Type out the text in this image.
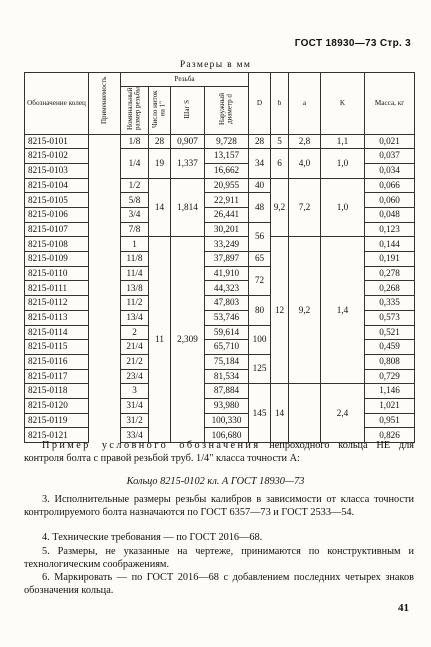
ГОСТ 18930—73 Стр. 3
Размеры в мм
Обозначение колец	Применяемость	Резьба				D	b	a	K	Масса, кг
		Номинальный размер резьбы	Число ниток на 1"	Шаг S	Наружный диаметр d					
8215-0101		1/8	28	0,907	9,728	28	5	2,8	1,1	0,021
8215-0102		1/4	19	1,337	13,157	34	6	4,0	1,0	0,037
8215-0103					16,662					0,034
8215-0104		1/2	14	1,814	20,955	40	9,2	7,2	1,0	0,066
8215-0105		5/8			22,911	48				0,060
8215-0106		3/4			26,441					0,048
8215-0107		7/8			30,201	56				0,123
8215-0108		1	11	2,309	33,249		12	9,2	1,4	0,144
8215-0109		11/8			37,897	65				0,191
8215-0110		11/4			41,910	72				0,278
8215-0111		13/8			44,323					0,268
8215-0112		11/2			47,803	80				0,335
8215-0113		13/4			53,746					0,573
8215-0114		2			59,614	100				0,521
8215-0115		21/4			65,710					0,459
8215-0116		21/2			75,184	125				0,808
8215-0117		23/4			81,534					0,729
8215-0118		3			87,884	145	14		2,4	1,146
8215-0120		31/4			93,980					1,021
8215-0119		31/2			100,330					0,951
8215-0121		33/4			106,680					0,826

Пример условного обозначения непроходного кольца НЕ для контроля болта с правой резьбой труб. 1/4" класса точности А:

Кольцо 8215-0102 кл. А ГОСТ 18930—73

3. Исполнительные размеры резьбы калибров в зависимости от класса точности контролируемого болта назначаются по ГОСТ 6357—73 и ГОСТ 2533—54.

4. Технические требования — по ГОСТ 2016—68.

5. Размеры, не указанные на чертеже, принимаются по конструктивным и технологическим соображениям.

6. Маркировать — по ГОСТ 2016—68 с добавлением последних четырех знаков обозначения кольца.

41
